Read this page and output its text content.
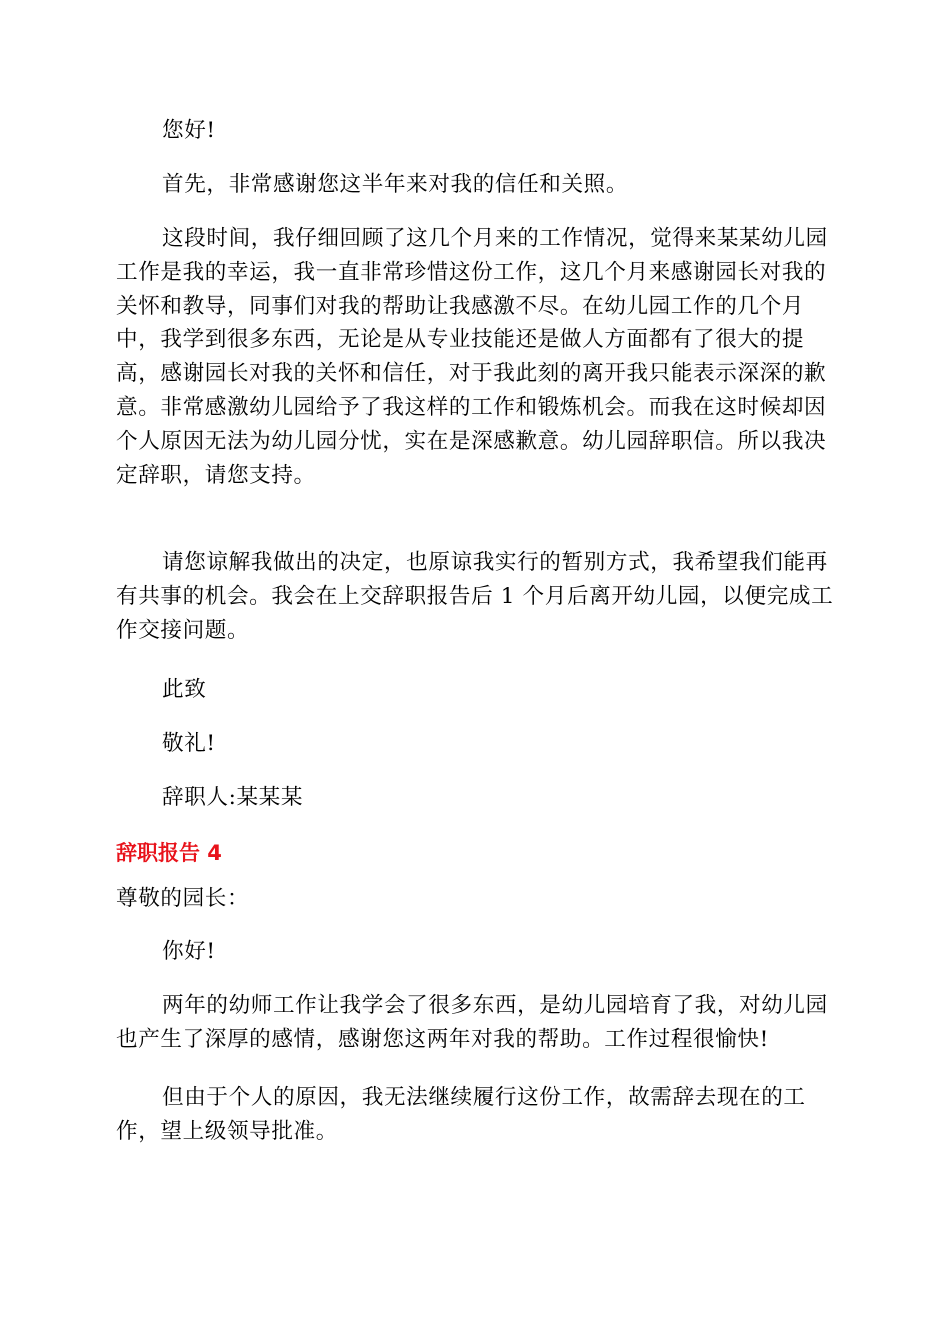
您好!

首先，非常感谢您这半年来对我的信任和关照。

这段时间，我仔细回顾了这几个月来的工作情况，觉得来某某幼儿园工作是我的幸运，我一直非常珍惜这份工作，这几个月来感谢园长对我的关怀和教导，同事们对我的帮助让我感激不尽。在幼儿园工作的几个月中，我学到很多东西，无论是从专业技能还是做人方面都有了很大的提高，感谢园长对我的关怀和信任，对于我此刻的离开我只能表示深深的歉意。非常感激幼儿园给予了我这样的工作和锻炼机会。而我在这时候却因个人原因无法为幼儿园分忧，实在是深感歉意。幼儿园辞职信。所以我决定辞职，请您支持。

请您谅解我做出的决定，也原谅我实行的暂别方式，我希望我们能再有共事的机会。我会在上交辞职报告后 1 个月后离开幼儿园，以便完成工作交接问题。

此致

敬礼!

辞职人:某某某

辞职报告 4

尊敬的园长：

你好!

两年的幼师工作让我学会了很多东西，是幼儿园培育了我，对幼儿园也产生了深厚的感情，感谢您这两年对我的帮助。工作过程很愉快!

但由于个人的原因，我无法继续履行这份工作，故需辞去现在的工作，望上级领导批准。
